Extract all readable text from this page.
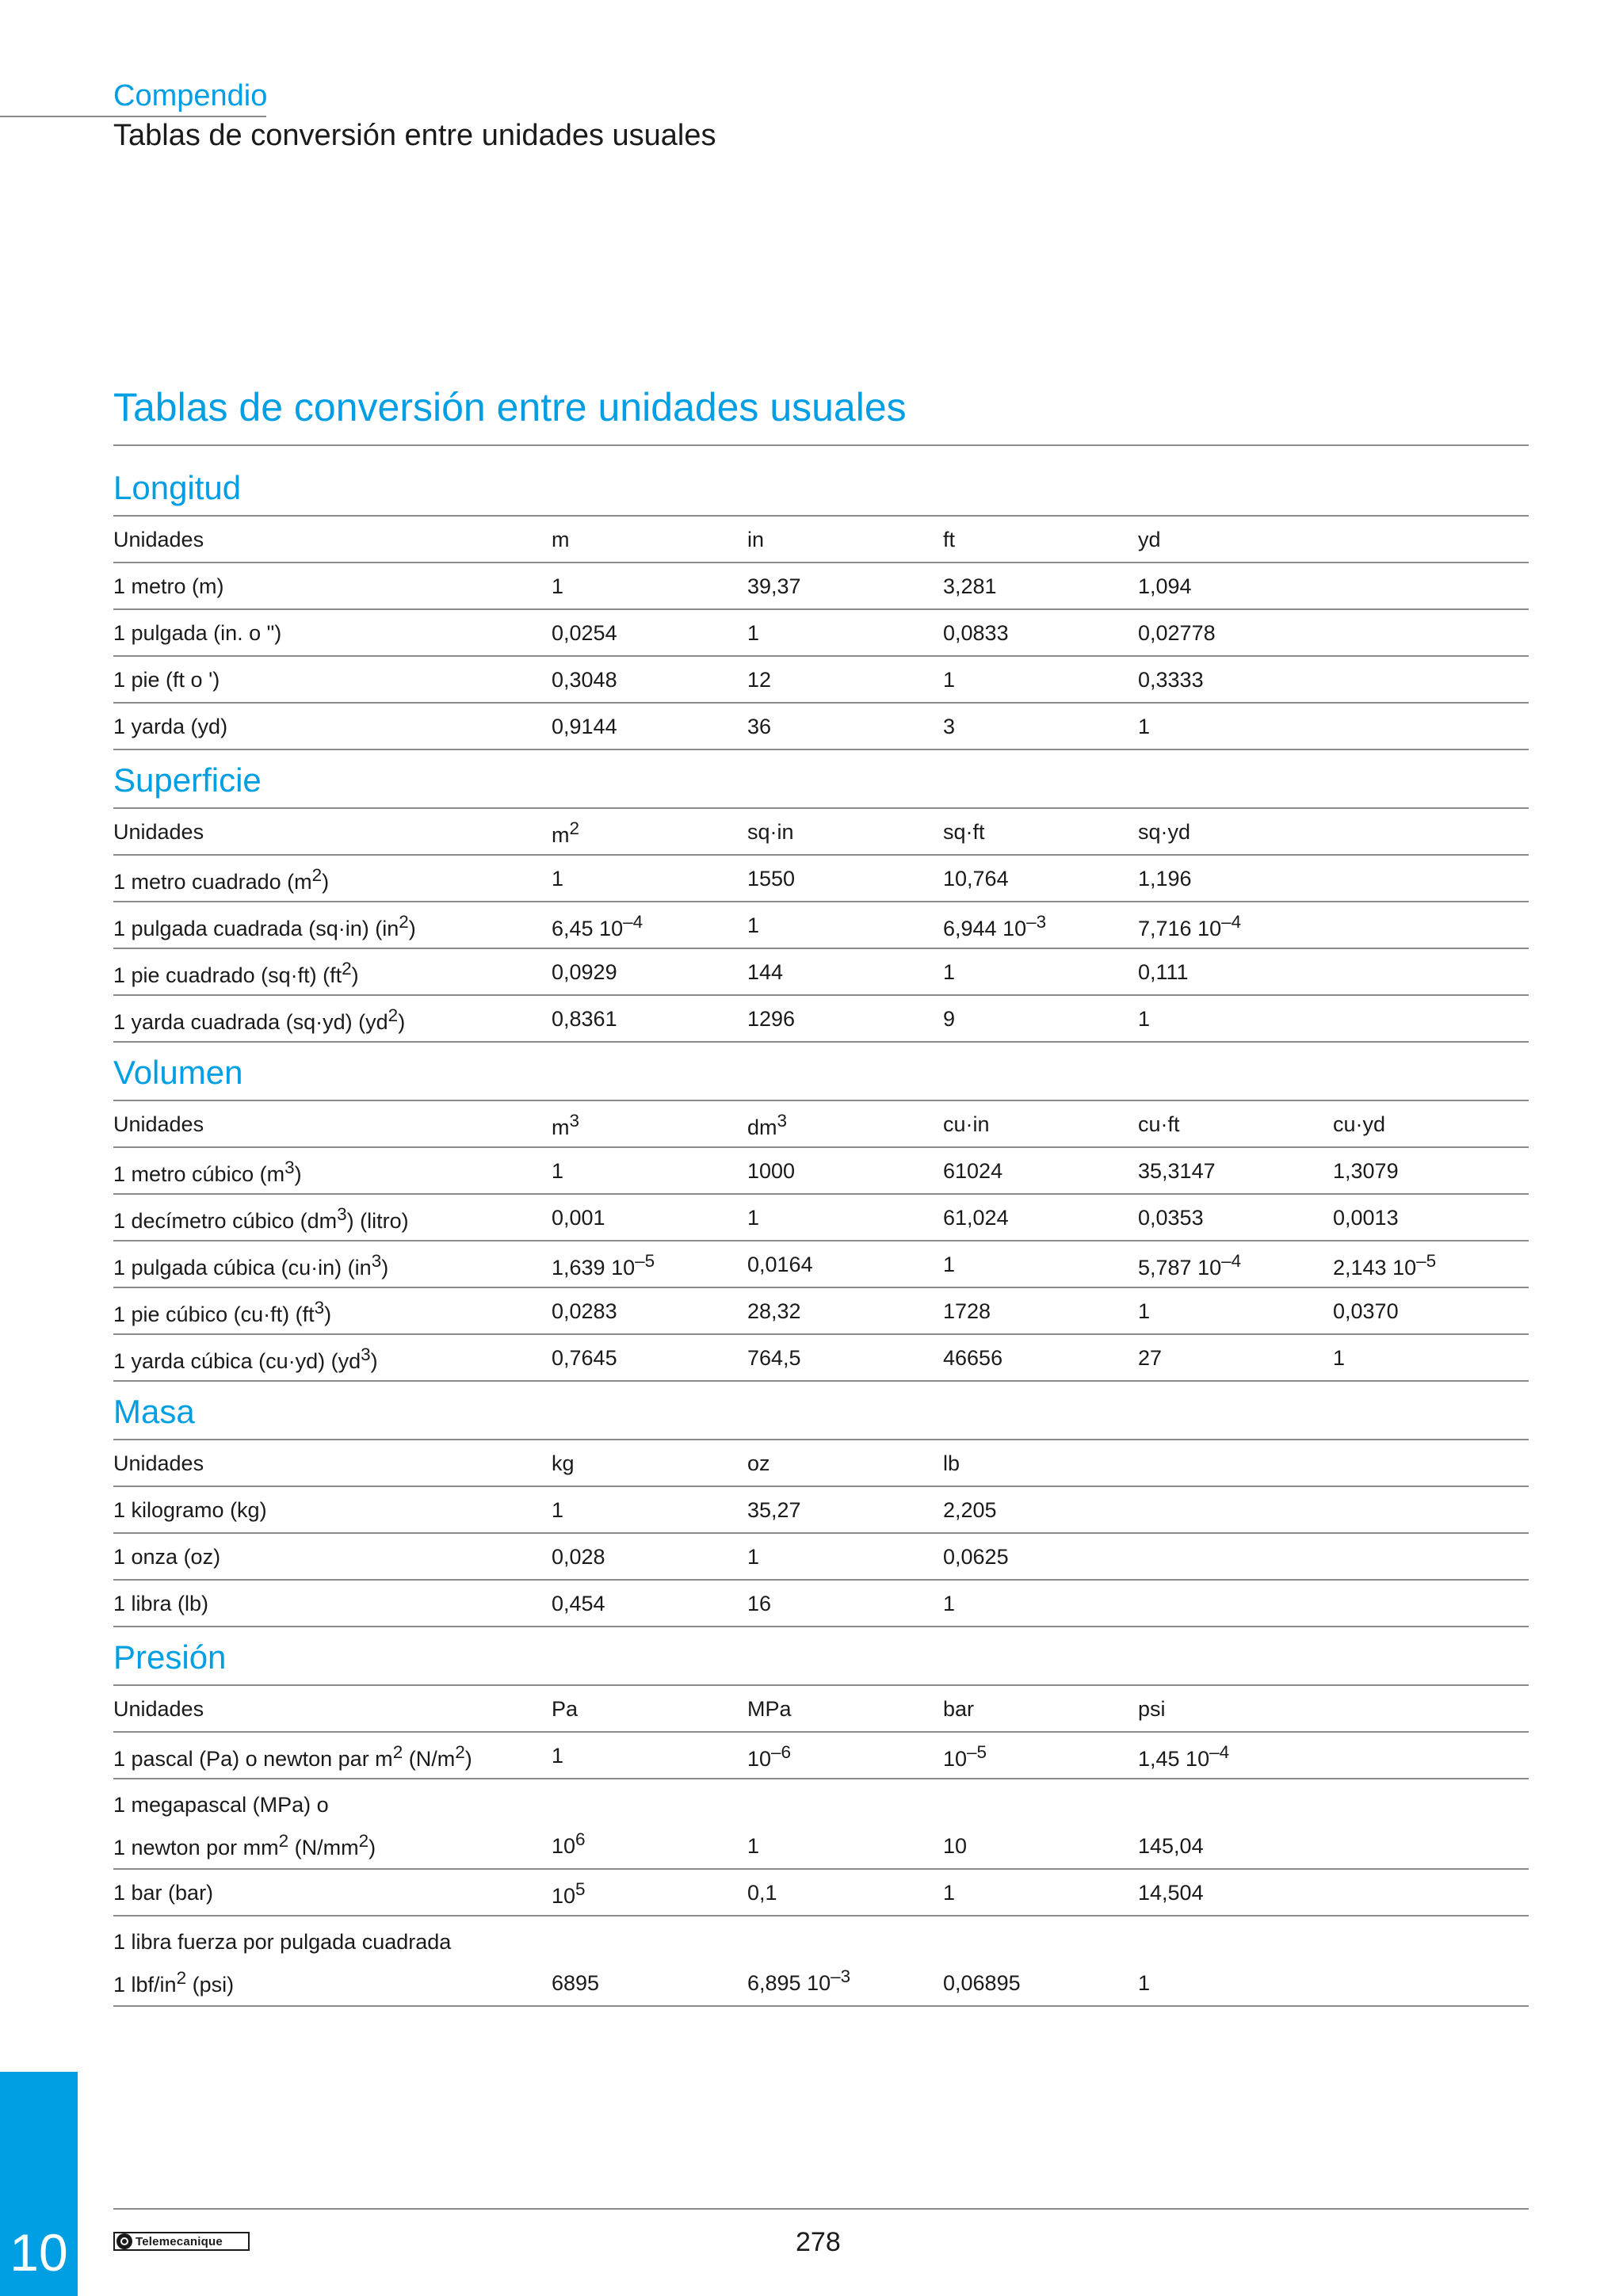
Compendio
Tablas de conversión entre unidades usuales
Tablas de conversión entre unidades usuales
Longitud
Unidades	m	in	ft	yd	
1 metro (m)	1	39,37	3,281	1,094	
1 pulgada (in. o ")	0,0254	1	0,0833	0,02778	
1 pie (ft o ')	0,3048	12	1	0,3333	
1 yarda (yd)	0,9144	36	3	1	
Superficie
Unidades	$m^2$	sq·in	sq·ft	sq·yd	
1 metro cuadrado $(m^2)$	1	1550	10,764	1,196	
1 pulgada cuadrada (sq·in) $(in^2)$	6,45 $10^{-4}$	1	6,944 $10^{-3}$	7,716 $10^{-4}$	
1 pie cuadrado (sq·ft) $(ft^2)$	0,0929	144	1	0,111	
1 yarda cuadrada (sq·yd) $(yd^2)$	0,8361	1296	9	1	
Volumen
Unidades	$m^3$	$dm^3$	cu·in	cu·ft	cu·yd
1 metro cúbico $(m^3)$	1	1000	61024	35,3147	1,3079
1 decímetro cúbico $(dm^3)$ (litro)	0,001	1	61,024	0,0353	0,0013
1 pulgada cúbica (cu·in) $(in^3)$	1,639 $10^{-5}$	0,0164	1	5,787 $10^{-4}$	2,143 $10^{-5}$
1 pie cúbico (cu·ft) $(ft^3)$	0,0283	28,32	1728	1	0,0370
1 yarda cúbica (cu·yd) $(yd^3)$	0,7645	764,5	46656	27	1
Masa
Unidades	kg	oz	lb		
1 kilogramo (kg)	1	35,27	2,205		
1 onza (oz)	0,028	1	0,0625		
1 libra (lb)	0,454	16	1		
Presión
Unidades	Pa	MPa	bar	psi	
1 pascal (Pa) o newton par $m^2$ $(N/m^2)$	1	$10^{-6}$	$10^{-5}$	1,45 $10^{-4}$	
1 megapascal (MPa) o
1 newton por $mm^2$ $(N/mm^2)$	$10^6$	1	10	145,04	
1 bar (bar)	$10^5$	0,1	1	14,504	
1 libra fuerza por pulgada cuadrada
1 lbf/$in^2$ (psi)	6895	6,895 $10^{-3}$	0,06895	1	
10	Telemecanique	278
